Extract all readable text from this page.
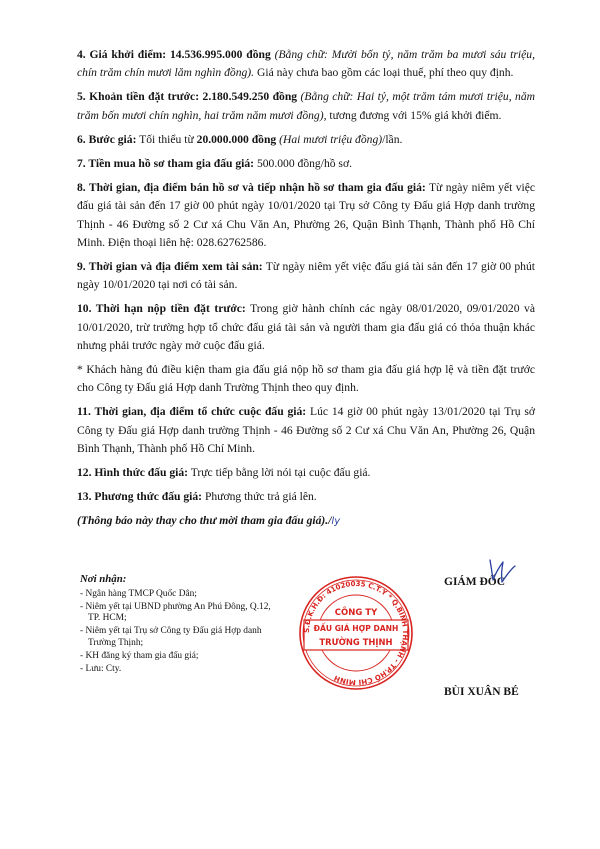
4. Giá khởi điểm: 14.536.995.000 đồng (Bằng chữ: Mười bốn tỷ, năm trăm ba mươi sáu triệu, chín trăm chín mươi lăm nghìn đồng). Giá này chưa bao gồm các loại thuế, phí theo quy định.

5. Khoản tiền đặt trước: 2.180.549.250 đồng (Bằng chữ: Hai tỷ, một trăm tám mươi triệu, năm trăm bốn mươi chín nghìn, hai trăm năm mươi đồng), tương đương với 15% giá khởi điểm.

6. Bước giá: Tối thiểu từ 20.000.000 đồng (Hai mươi triệu đồng)/lần.

7. Tiền mua hồ sơ tham gia đấu giá: 500.000 đồng/hồ sơ.

8. Thời gian, địa điểm bán hồ sơ và tiếp nhận hồ sơ tham gia đấu giá: Từ ngày niêm yết việc đấu giá tài sản đến 17 giờ 00 phút ngày 10/01/2020 tại Trụ sở Công ty Đấu giá Hợp danh trường Thịnh - 46 Đường số 2 Cư xá Chu Văn An, Phường 26, Quận Bình Thạnh, Thành phố Hồ Chí Minh. Điện thoại liên hệ: 028.62762586.

9. Thời gian và địa điểm xem tài sản: Từ ngày niêm yết việc đấu giá tài sản đến 17 giờ 00 phút ngày 10/01/2020 tại nơi có tài sản.

10. Thời hạn nộp tiền đặt trước: Trong giờ hành chính các ngày 08/01/2020, 09/01/2020 và 10/01/2020, trừ trường hợp tổ chức đấu giá tài sản và người tham gia đấu giá có thỏa thuận khác nhưng phải trước ngày mở cuộc đấu giá.

* Khách hàng đủ điều kiện tham gia đấu giá nộp hồ sơ tham gia đấu giá hợp lệ và tiền đặt trước cho Công ty Đấu giá Hợp danh Trường Thịnh theo quy định.

11. Thời gian, địa điểm tổ chức cuộc đấu giá: Lúc 14 giờ 00 phút ngày 13/01/2020 tại Trụ sở Công ty Đấu giá Hợp danh trường Thịnh - 46 Đường số 2 Cư xá Chu Văn An, Phường 26, Quận Bình Thạnh, Thành phố Hồ Chí Minh.

12. Hình thức đấu giá: Trực tiếp bằng lời nói tại cuộc đấu giá.

13. Phương thức đấu giá: Phương thức trả giá lên.

(Thông báo này thay cho thư mời tham gia đấu giá)./ly
Nơi nhận:
- Ngân hàng TMCP Quốc Dân;
- Niêm yết tại UBND phường An Phú Đông, Q.12, TP. HCM;
- Niêm yết tại Trụ sở Công ty Đấu giá Hợp danh Trường Thịnh;
- KH đăng ký tham gia đấu giá;
- Lưu: Cty.
GIÁM ĐỐC
S.Đ.K.H.Đ: 41020035 C.T.Y * Q.BÌNH THẠNH - TP.HỒ CHÍ MINH
CÔNG TY
ĐẤU GIÁ HỢP DANH
TRƯỜNG THỊNH
BÙI XUÂN BÉ
